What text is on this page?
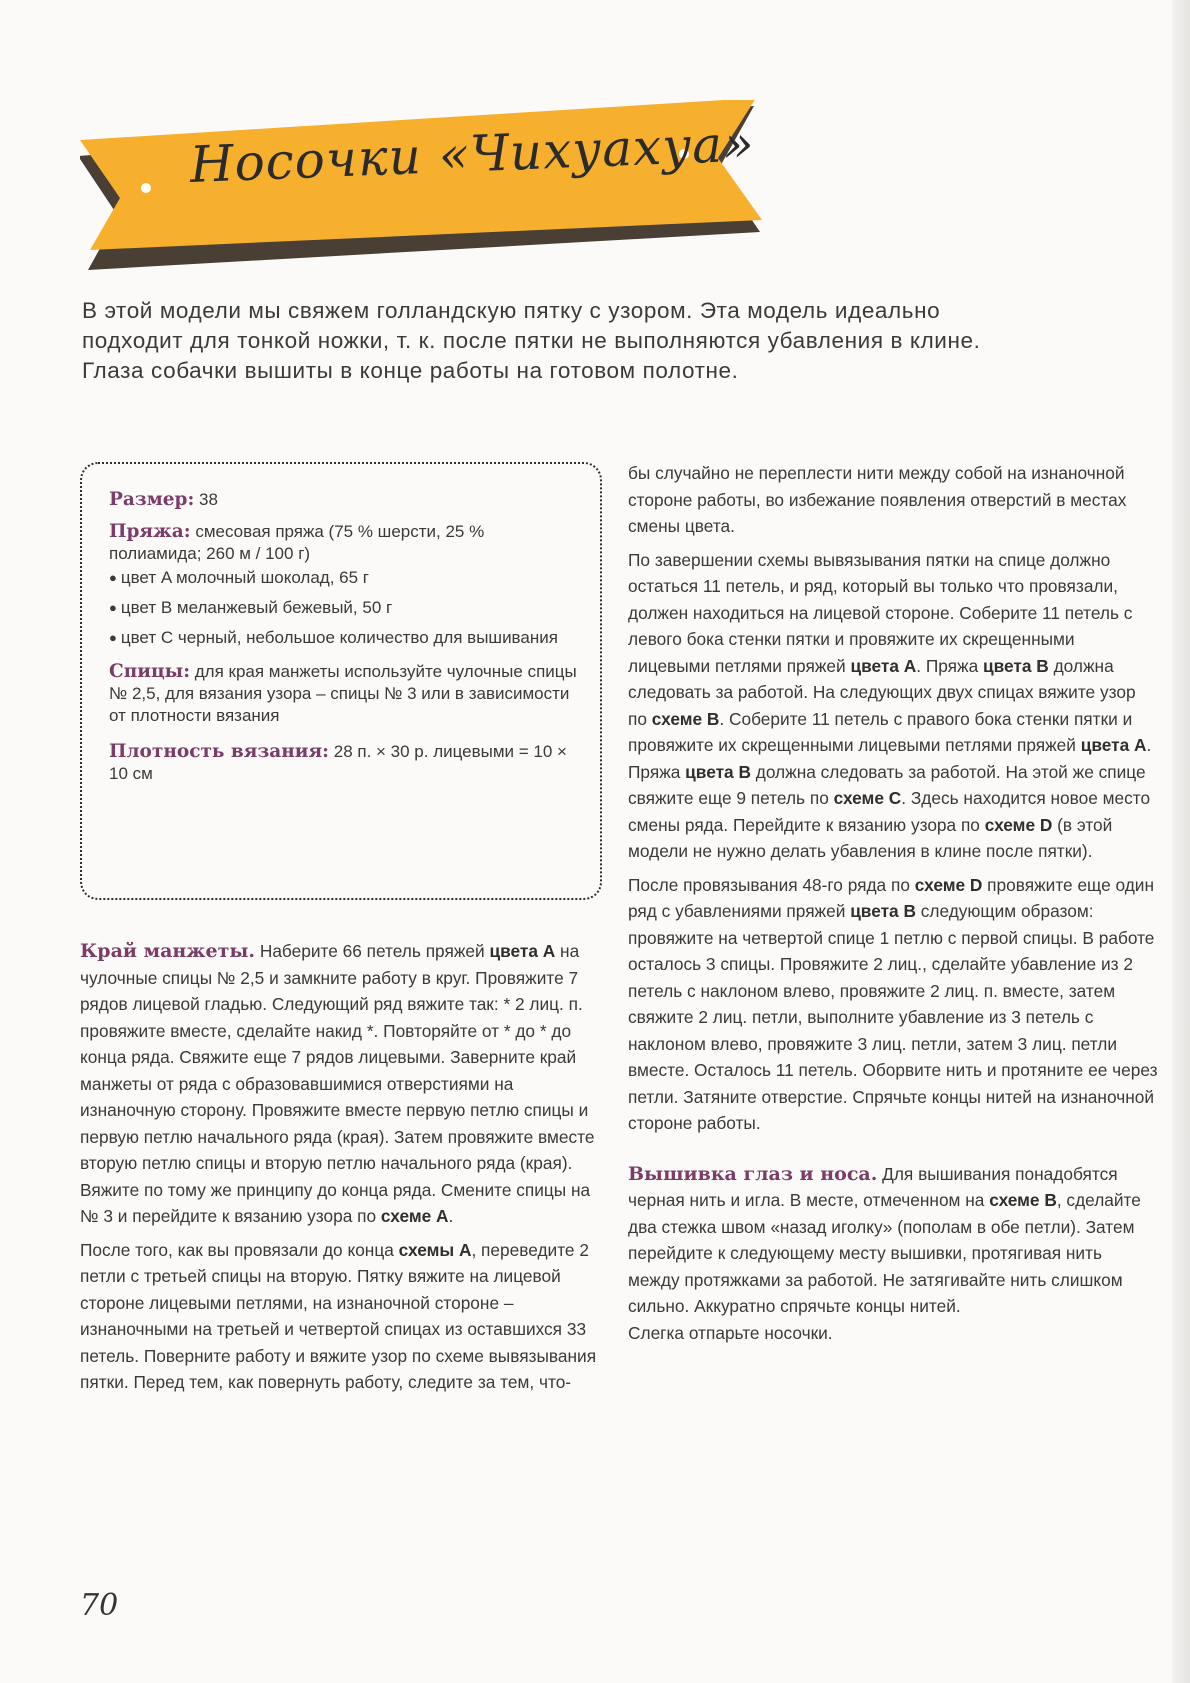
Носочки «Чихуахуа»

В этой модели мы свяжем голландскую пятку с узором. Эта модель идеально подходит для тонкой ножки, т. к. после пятки не выполняются убавления в клине. Глаза собачки вышиты в конце работы на готовом полотне.

Размер: 38
Пряжа: смесовая пряжа (75 % шерсти, 25 % полиамида; 260 м / 100 г)
● цвет A молочный шоколад, 65 г
● цвет B меланжевый бежевый, 50 г
● цвет C черный, небольшое количество для вышивания
Спицы: для края манжеты используйте чулочные спицы № 2,5, для вязания узора – спицы № 3 или в зависимости от плотности вязания
Плотность вязания: 28 п. × 30 р. лицевыми = 10 × 10 см

Край манжеты. Наберите 66 петель пряжей цвета A на чулочные спицы № 2,5 и замкните работу в круг. Провяжите 7 рядов лицевой гладью. Следующий ряд вяжите так: * 2 лиц. п. провяжите вместе, сделайте накид *. Повторяйте от * до * до конца ряда. Свяжите еще 7 рядов лицевыми. Заверните край манжеты от ряда с образовавшимися отверстиями на изнаночную сторону. Провяжите вместе первую петлю спицы и первую петлю начального ряда (края). Затем провяжите вместе вторую петлю спицы и вторую петлю начального ряда (края). Вяжите по тому же принципу до конца ряда. Смените спицы на № 3 и перейдите к вязанию узора по схеме A.

После того, как вы провязали до конца схемы A, переведите 2 петли с третьей спицы на вторую. Пятку вяжите на лицевой стороне лицевыми петлями, на изнаночной стороне – изнаночными на третьей и четвертой спицах из оставшихся 33 петель. Поверните работу и вяжите узор по схеме вывязывания пятки. Перед тем, как повернуть работу, следите за тем, что-

бы случайно не переплести нити между собой на изнаночной стороне работы, во избежание появления отверстий в местах смены цвета.

По завершении схемы вывязывания пятки на спице должно остаться 11 петель, и ряд, который вы только что провязали, должен находиться на лицевой стороне. Соберите 11 петель с левого бока стенки пятки и провяжите их скрещенными лицевыми петлями пряжей цвета A. Пряжа цвета B должна следовать за работой. На следующих двух спицах вяжите узор по схеме B. Соберите 11 петель с правого бока стенки пятки и провяжите их скрещенными лицевыми петлями пряжей цвета A. Пряжа цвета B должна следовать за работой. На этой же спице свяжите еще 9 петель по схеме C. Здесь находится новое место смены ряда. Перейдите к вязанию узора по схеме D (в этой модели не нужно делать убавления в клине после пятки).

После провязывания 48-го ряда по схеме D провяжите еще один ряд с убавлениями пряжей цвета B следующим образом: провяжите на четвертой спице 1 петлю с первой спицы. В работе осталось 3 спицы. Провяжите 2 лиц., сделайте убавление из 2 петель с наклоном влево, провяжите 2 лиц. п. вместе, затем свяжите 2 лиц. петли, выполните убавление из 3 петель с наклоном влево, провяжите 3 лиц. петли, затем 3 лиц. петли вместе. Осталось 11 петель. Оборвите нить и протяните ее через петли. Затяните отверстие. Спрячьте концы нитей на изнаночной стороне работы.

Вышивка глаз и носа. Для вышивания понадобятся черная нить и игла. В месте, отмеченном на схеме B, сделайте два стежка швом «назад иголку» (пополам в обе петли). Затем перейдите к следующему месту вышивки, протягивая нить между протяжками за работой. Не затягивайте нить слишком сильно. Аккуратно спрячьте концы нитей.

Слегка отпарьте носочки.

70
